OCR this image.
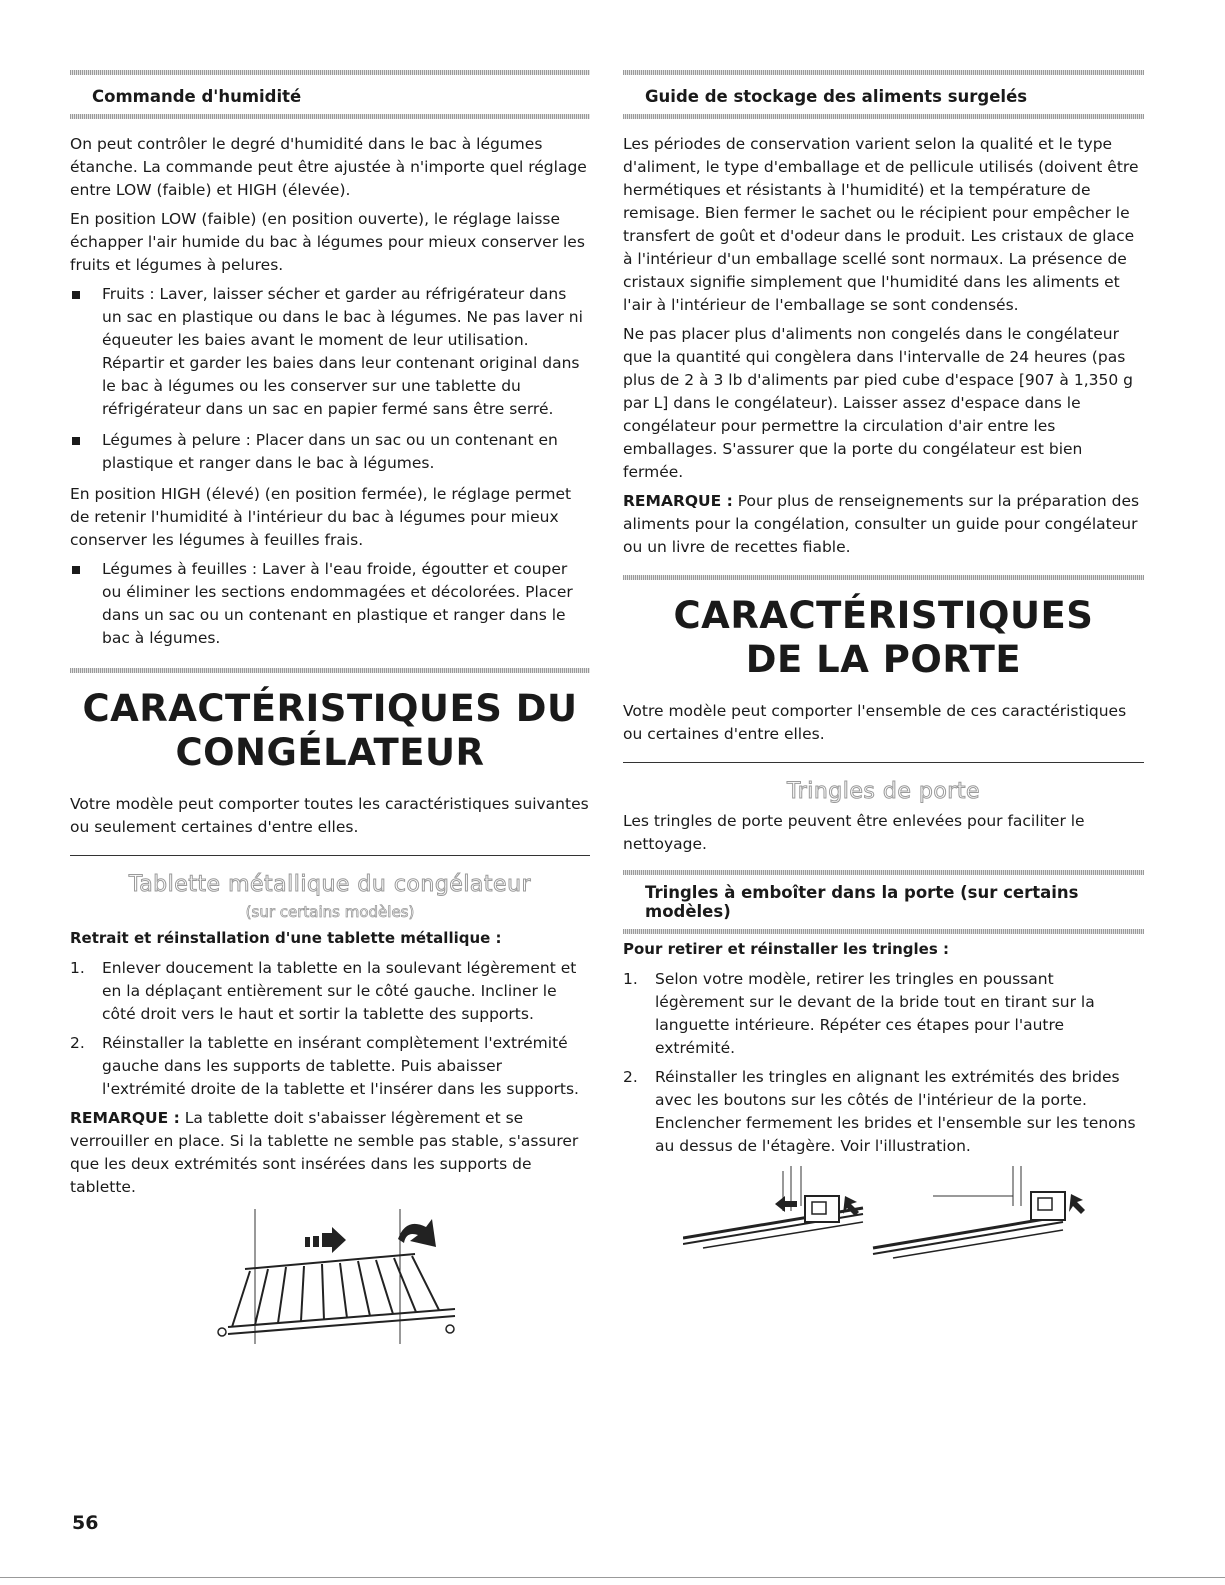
Commande d'humidité

On peut contrôler le degré d'humidité dans le bac à légumes étanche. La commande peut être ajustée à n'importe quel réglage entre LOW (faible) et HIGH (élevée).

En position LOW (faible) (en position ouverte), le réglage laisse échapper l'air humide du bac à légumes pour mieux conserver les fruits et légumes à pelures.

Fruits : Laver, laisser sécher et garder au réfrigérateur dans un sac en plastique ou dans le bac à légumes. Ne pas laver ni équeuter les baies avant le moment de leur utilisation. Répartir et garder les baies dans leur contenant original dans le bac à légumes ou les conserver sur une tablette du réfrigérateur dans un sac en papier fermé sans être serré.
Légumes à pelure : Placer dans un sac ou un contenant en plastique et ranger dans le bac à légumes.

En position HIGH (élevé) (en position fermée), le réglage permet de retenir l'humidité à l'intérieur du bac à légumes pour mieux conserver les légumes à feuilles frais.

Légumes à feuilles : Laver à l'eau froide, égoutter et couper ou éliminer les sections endommagées et décolorées. Placer dans un sac ou un contenant en plastique et ranger dans le bac à légumes.
CARACTÉRISTIQUES DU
CONGÉLATEUR

Votre modèle peut comporter toutes les caractéristiques suivantes ou seulement certaines d'entre elles.

Tablette métallique du congélateur
(sur certains modèles)
Retrait et réinstallation d'une tablette métallique :
1. Enlever doucement la tablette en la soulevant légèrement et en la déplaçant entièrement sur le côté gauche. Incliner le côté droit vers le haut et sortir la tablette des supports.
2. Réinstaller la tablette en insérant complètement l'extrémité gauche dans les supports de tablette. Puis abaisser l'extrémité droite de la tablette et l'insérer dans les supports.

REMARQUE : La tablette doit s'abaisser légèrement et se verrouiller en place. Si la tablette ne semble pas stable, s'assurer que les deux extrémités sont insérées dans les supports de tablette.

Guide de stockage des aliments surgelés

Les périodes de conservation varient selon la qualité et le type d'aliment, le type d'emballage et de pellicule utilisés (doivent être hermétiques et résistants à l'humidité) et la température de remisage. Bien fermer le sachet ou le récipient pour empêcher le transfert de goût et d'odeur dans le produit. Les cristaux de glace à l'intérieur d'un emballage scellé sont normaux. La présence de cristaux signifie simplement que l'humidité dans les aliments et l'air à l'intérieur de l'emballage se sont condensés.

Ne pas placer plus d'aliments non congelés dans le congélateur que la quantité qui congèlera dans l'intervalle de 24 heures (pas plus de 2 à 3 lb d'aliments par pied cube d'espace [907 à 1,350 g par L] dans le congélateur). Laisser assez d'espace dans le congélateur pour permettre la circulation d'air entre les emballages. S'assurer que la porte du congélateur est bien fermée.

REMARQUE : Pour plus de renseignements sur la préparation des aliments pour la congélation, consulter un guide pour congélateur ou un livre de recettes fiable.

CARACTÉRISTIQUES
DE LA PORTE

Votre modèle peut comporter l'ensemble de ces caractéristiques ou certaines d'entre elles.

Tringles de porte

Les tringles de porte peuvent être enlevées pour faciliter le nettoyage.

Tringles à emboîter dans la porte (sur certains modèles)
Pour retirer et réinstaller les tringles :
1. Selon votre modèle, retirer les tringles en poussant légèrement sur le devant de la bride tout en tirant sur la languette intérieure. Répéter ces étapes pour l'autre extrémité.
2. Réinstaller les tringles en alignant les extrémités des brides avec les boutons sur les côtés de l'intérieur de la porte. Enclencher fermement les brides et l'ensemble sur les tenons au dessus de l'étagère. Voir l'illustration.
56
